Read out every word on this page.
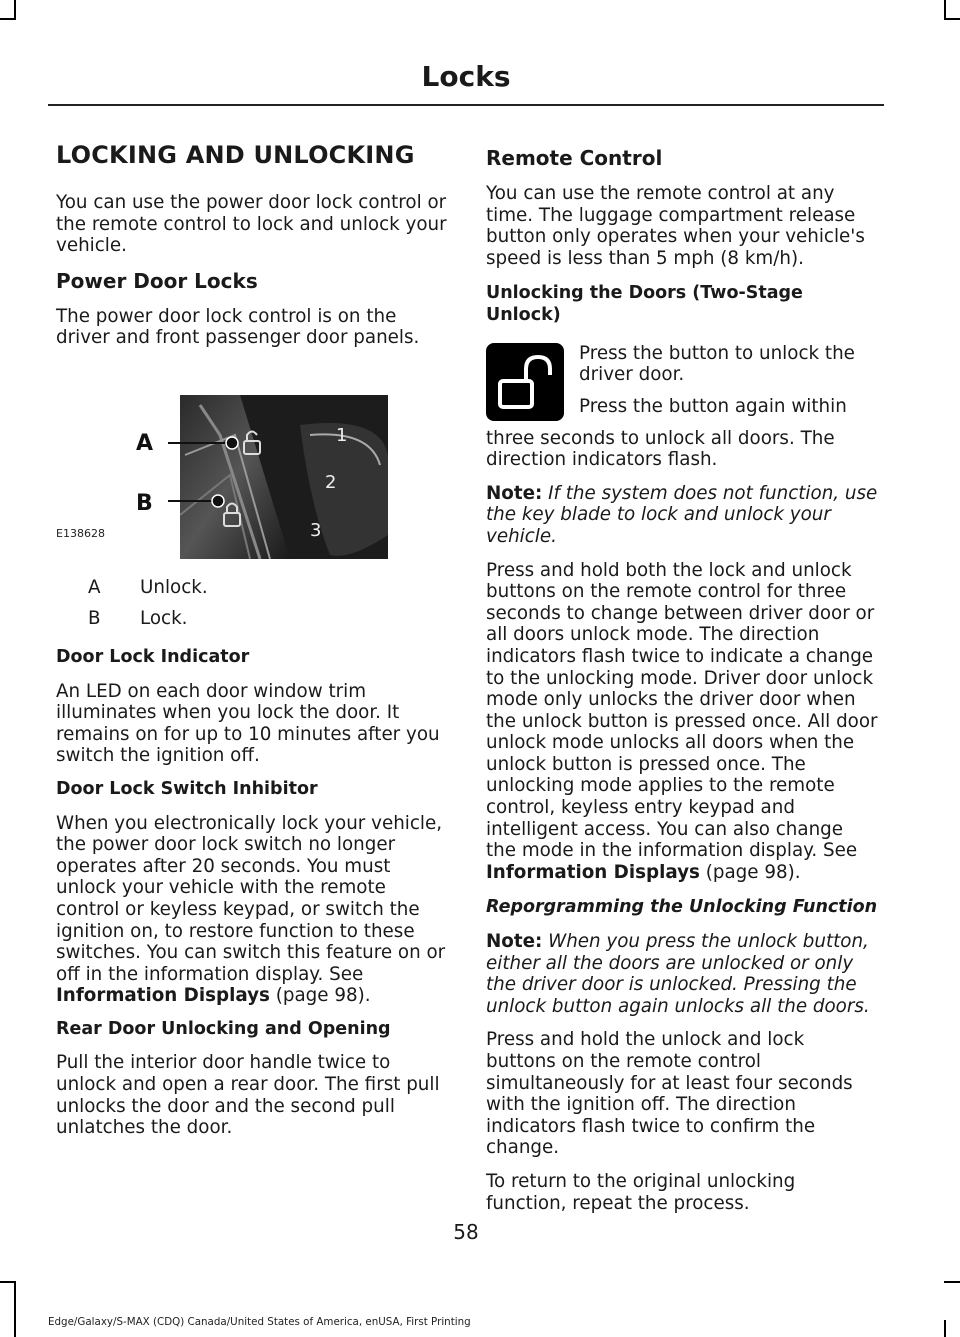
Locks
LOCKING AND UNLOCKING

You can use the power door lock control or the remote control to lock and unlock your vehicle.

Power Door Locks

The power door lock control is on the driver and front passenger door panels.

1
2
3
A
B
E138628
A	Unlock.
B	Lock.
Door Lock Indicator

An LED on each door window trim illuminates when you lock the door. It remains on for up to 10 minutes after you switch the ignition off.

Door Lock Switch Inhibitor

When you electronically lock your vehicle, the power door lock switch no longer operates after 20 seconds. You must unlock your vehicle with the remote control or keyless keypad, or switch the ignition on, to restore function to these switches. You can switch this feature on or off in the information display. See Information Displays (page 98).

Rear Door Unlocking and Opening

Pull the interior door handle twice to unlock and open a rear door. The first pull unlocks the door and the second pull unlatches the door.

Remote Control

You can use the remote control at any time. The luggage compartment release button only operates when your vehicle's speed is less than 5 mph (8 km/h).

Unlocking the Doors (Two-Stage Unlock)

Press the button to unlock the driver door.

Press the button again within

three seconds to unlock all doors. The direction indicators flash.

Note: If the system does not function, use the key blade to lock and unlock your vehicle.

Press and hold both the lock and unlock buttons on the remote control for three seconds to change between driver door or all doors unlock mode. The direction indicators flash twice to indicate a change to the unlocking mode. Driver door unlock mode only unlocks the driver door when the unlock button is pressed once. All door unlock mode unlocks all doors when the unlock button is pressed once. The unlocking mode applies to the remote control, keyless entry keypad and intelligent access. You can also change the mode in the information display. See Information Displays (page 98).

Reporgramming the Unlocking Function

Note: When you press the unlock button, either all the doors are unlocked or only the driver door is unlocked. Pressing the unlock button again unlocks all the doors.

Press and hold the unlock and lock buttons on the remote control simultaneously for at least four seconds with the ignition off. The direction indicators flash twice to confirm the change.

To return to the original unlocking function, repeat the process.

58
Edge/Galaxy/S-MAX (CDQ) Canada/United States of America, enUSA, First Printing
